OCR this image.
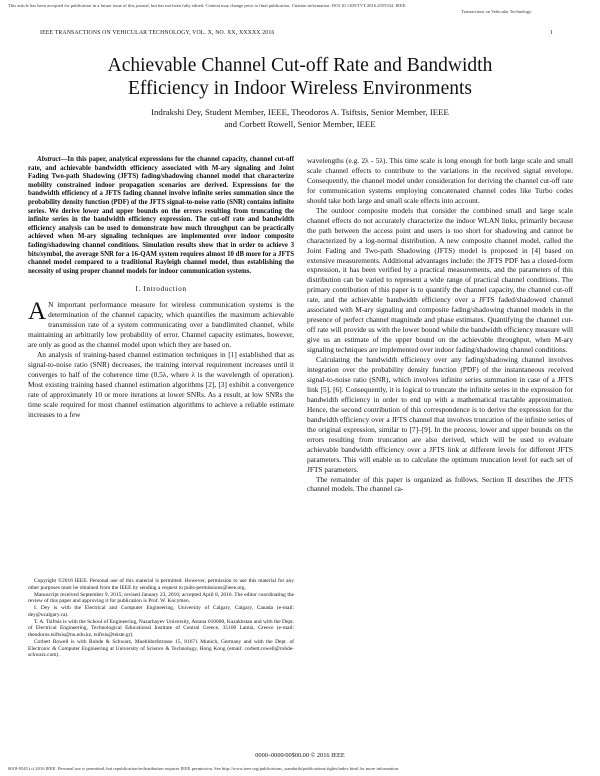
This article has been accepted for publication in a future issue of this journal, but has not been fully edited. Content may change prior to final publication. Citation information: DOI 10.1109/TVT.2016.2555334, IEEE
Transactions on Vehicular Technology
IEEE TRANSACTIONS ON VEHICULAR TECHNOLOGY, VOL. X, NO. XX, XXXXX 2016	1
Achievable Channel Cut-off Rate and Bandwidth
Efficiency in Indoor Wireless Environments
Indrakshi Dey, Student Member, IEEE, Theodoros A. Tsiftsis, Senior Member, IEEE
and Corbett Rowell, Senior Member, IEEE

Abstract—In this paper, analytical expressions for the channel capacity, channel cut-off rate, and achievable bandwidth efficiency associated with M-ary signaling and Joint Fading Two-path Shadowing (JFTS) fading/shadowing channel model that characterize mobility constrained indoor propagation scenarios are derived. Expressions for the bandwidth efficiency of a JFTS fading channel involve infinite series summation since the probability density function (PDF) of the JFTS signal-to-noise ratio (SNR) contains infinite series. We derive lower and upper bounds on the errors resulting from truncating the infinite series in the bandwidth efficiency expression. The cut-off rate and bandwidth efficiency analysis can be used to demonstrate how much throughput can be practically achieved when M-ary signaling techniques are implemented over indoor composite fading/shadowing channel conditions. Simulation results show that in order to achieve 3 bits/symbol, the average SNR for a 16-QAM system requires almost 10 dB more for a JFTS channel model compared to a traditional Rayleigh channel model, thus establishing the necessity of using proper channel models for indoor communication systems.

I. Introduction

A N important performance measure for wireless communication systems is the determination of the channel capacity, which quantifies the maximum achievable transmission rate of a system communicating over a bandlimited channel, while maintaining an arbitrarily low probability of error. Channel capacity estimates, however, are only as good as the channel model upon which they are based on.

An analysis of training-based channel estimation techniques in [1] established that as signal-to-noise ratio (SNR) decreases, the training interval requirement increases until it converges to half of the coherence time (0.5λ, where λ is the wavelength of operation). Most existing training based channel estimation algorithms [2], [3] exhibit a convergence rate of approximately 10 or more iterations at lower SNRs. As a result, at low SNRs the time scale required for most channel estimation algorithms to achieve a reliable estimate increases to a few

Copyright ©2016 IEEE. Personal use of this material is permitted. However, permission to use this material for any other purposes must be obtained from the IEEE by sending a request to pubs-permissions@ieee.org.

Manuscript received September 9, 2015; revised January 23, 2016; accepted April 8, 2016. The editor coordinating the review of this paper and approving it for publication is Prof. W. Kocymen.

I. Dey is with the Electrical and Computer Engineering, University of Calgary, Calgary, Canada (e-mail: dey@ucalgary.ca).

T. A. Tsiftsis is with the School of Engineering, Nazarbayev University, Astana 010000, Kazakhstan and with the Dept. of Electrical Engineering, Technological Educational Institute of Central Greece, 35100 Lamia, Greece (e-mail: theodoros.tsiftsis@nu.edu.kz, tsiftsis@teiste.gr).

Corbett Rowell is with Rohde & Schwarz, Muehldorfstrasse 15, 81671 Munich, Germany and with the Dept. of Electronic & Computer Engineering at University of Science & Technology, Hong Kong (email: corbett.rowell@rohde-schwarz.com).

wavelengths (e.g. 2λ - 5λ). This time scale is long enough for both large scale and small scale channel effects to contribute to the variations in the received signal envelope. Consequently, the channel model under consideration for deriving the channel cut-off rate for communication systems employing concatenated channel codes like Turbo codes should take both large and small scale effects into account.

The outdoor composite models that consider the combined small and large scale channel effects do not accurately characterize the indoor WLAN links, primarily because the path between the access point and users is too short for shadowing and cannot be characterized by a log-normal distribution. A new composite channel model, called the Joint Fading and Two-path Shadowing (JFTS) model is proposed in [4] based on extensive measurements. Additional advantages include: the JFTS PDF has a closed-form expression, it has been verified by a practical measurements, and the parameters of this distribution can be varied to represent a wide range of practical channel conditions. The primary contribution of this paper is to quantify the channel capacity, the channel cut-off rate, and the achievable bandwidth efficiency over a JFTS faded/shadowed channel associated with M-ary signaling and composite fading/shadowing channel models in the presence of perfect channel magnitude and phase estimates. Quantifying the channel cut-off rate will provide us with the lower bound while the bandwidth efficiency measure will give us an estimate of the upper bound on the achievable throughput, when M-ary signaling techniques are implemented over indoor fading/shadowing channel conditions.

Calculating the bandwidth efficiency over any fading/shadowing channel involves integration over the probability density function (PDF) of the instantaneous received signal-to-noise ratio (SNR), which involves infinite series summation in case of a JFTS link [5], [6]. Consequently, it is logical to truncate the infinite series in the expression for bandwidth efficiency in order to end up with a mathematical tractable approximation. Hence, the second contribution of this correspondence is to derive the expression for the bandwidth efficiency over a JFTS channel that involves truncation of the infinite series of the original expression, similar to [7]–[9]. In the process, lower and upper bounds on the errors resulting from truncation are also derived, which will be used to evaluate achievable bandwidth efficiency over a JFTS link at different levels for different JFTS parameters. This will enable us to calculate the optimum truncation level for each set of JFTS parameters.

The remainder of this paper is organized as follows. Section II describes the JFTS channel models. The channel ca-

0000–0000/00$00.00 © 2016 IEEE
0018-9545 (c) 2016 IEEE. Personal use is permitted, but republication/redistribution requires IEEE permission. See http://www.ieee.org/publications_standards/publications/rights/index.html for more information.
